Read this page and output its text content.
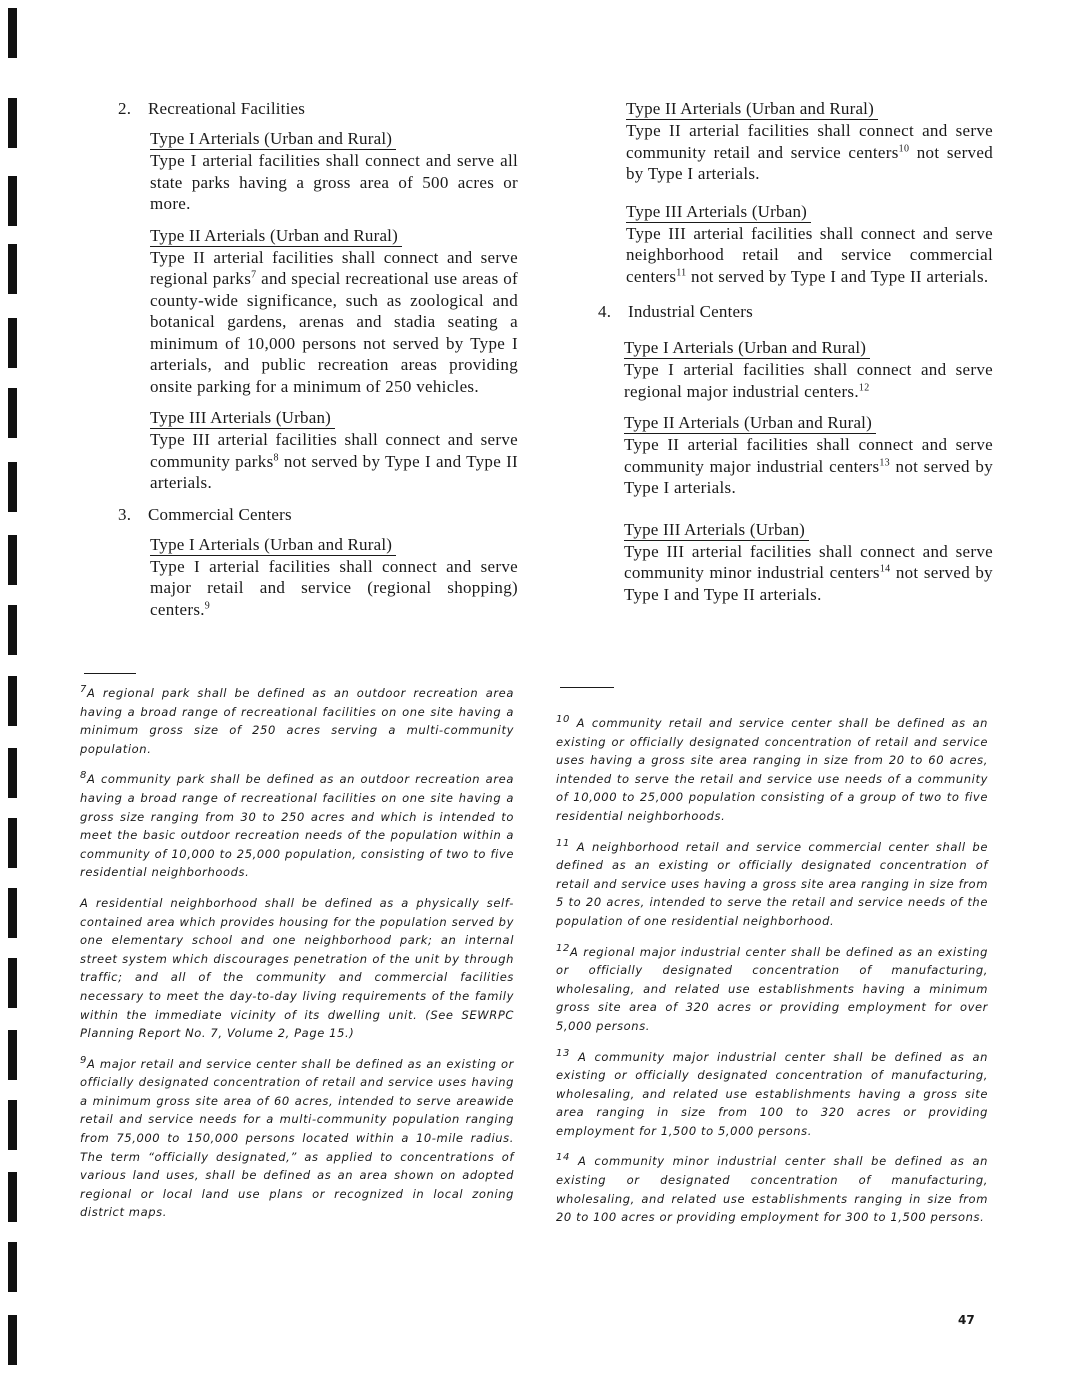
2. Recreational Facilities
Type I Arterials (Urban and Rural)

Type I arterial facilities shall connect and serve all state parks having a gross area of 500 acres or more.

Type II Arterials (Urban and Rural)

Type II arterial facilities shall connect and serve regional parks$^7$ and special recreational use areas of county-wide significance, such as zoological and botanical gardens, arenas and stadia seating a minimum of 10,000 persons not served by Type I arterials, and public recreation areas providing onsite parking for a minimum of 250 vehicles.

Type III Arterials (Urban)

Type III arterial facilities shall connect and serve community parks$^8$ not served by Type I and Type II arterials.

3. Commercial Centers
Type I Arterials (Urban and Rural)

Type I arterial facilities shall connect and serve major retail and service (regional shopping) centers.$^9$

Type II Arterials (Urban and Rural)

Type II arterial facilities shall connect and serve community retail and service centers$^{10}$ not served by Type I arterials.

Type III Arterials (Urban)

Type III arterial facilities shall connect and serve neighborhood retail and service commercial centers$^{11}$ not served by Type I and Type II arterials.

4. Industrial Centers
Type I Arterials (Urban and Rural)

Type I arterial facilities shall connect and serve regional major industrial centers.$^{12}$

Type II Arterials (Urban and Rural)

Type II arterial facilities shall connect and serve community major industrial centers$^{13}$ not served by Type I arterials.

Type III Arterials (Urban)

Type III arterial facilities shall connect and serve community minor industrial centers$^{14}$ not served by Type I and Type II arterials.

$^7$A regional park shall be defined as an outdoor recreation area having a broad range of recreational facilities on one site having a minimum gross size of 250 acres serving a multi-community population.

$^8$A community park shall be defined as an outdoor recreation area having a broad range of recreational facilities on one site having a gross size ranging from 30 to 250 acres and which is intended to meet the basic outdoor recreation needs of the population within a community of 10,000 to 25,000 population, consisting of two to five residential neighborhoods.

A residential neighborhood shall be defined as a physically self-contained area which provides housing for the population served by one elementary school and one neighborhood park; an internal street system which discourages penetration of the unit by through traffic; and all of the community and commercial facilities necessary to meet the day-to-day living requirements of the family within the immediate vicinity of its dwelling unit. (See SEWRPC Planning Report No. 7, Volume 2, Page 15.)

$^9$A major retail and service center shall be defined as an existing or officially designated concentration of retail and service uses having a minimum gross site area of 60 acres, intended to serve areawide retail and service needs for a multi-community population ranging from 75,000 to 150,000 persons located within a 10-mile radius. The term “officially designated,” as applied to concentrations of various land uses, shall be defined as an area shown on adopted regional or local land use plans or recognized in local zoning district maps.

$^{10}$ A community retail and service center shall be defined as an existing or officially designated concentration of retail and service uses having a gross site area ranging in size from 20 to 60 acres, intended to serve the retail and service use needs of a community of 10,000 to 25,000 population consisting of a group of two to five residential neighborhoods.

$^{11}$ A neighborhood retail and service commercial center shall be defined as an existing or officially designated concentration of retail and service uses having a gross site area ranging in size from 5 to 20 acres, intended to serve the retail and service needs of the population of one residential neighborhood.

$^{12}$A regional major industrial center shall be defined as an existing or officially designated concentration of manufacturing, wholesaling, and related use establishments having a minimum gross site area of 320 acres or providing employment for over 5,000 persons.

$^{13}$ A community major industrial center shall be defined as an existing or officially designated concentration of manufacturing, wholesaling, and related use establishments having a gross site area ranging in size from 100 to 320 acres or providing employment for 1,500 to 5,000 persons.

$^{14}$ A community minor industrial center shall be defined as an existing or designated concentration of manufacturing, wholesaling, and related use establishments ranging in size from 20 to 100 acres or providing employment for 300 to 1,500 persons.

47
